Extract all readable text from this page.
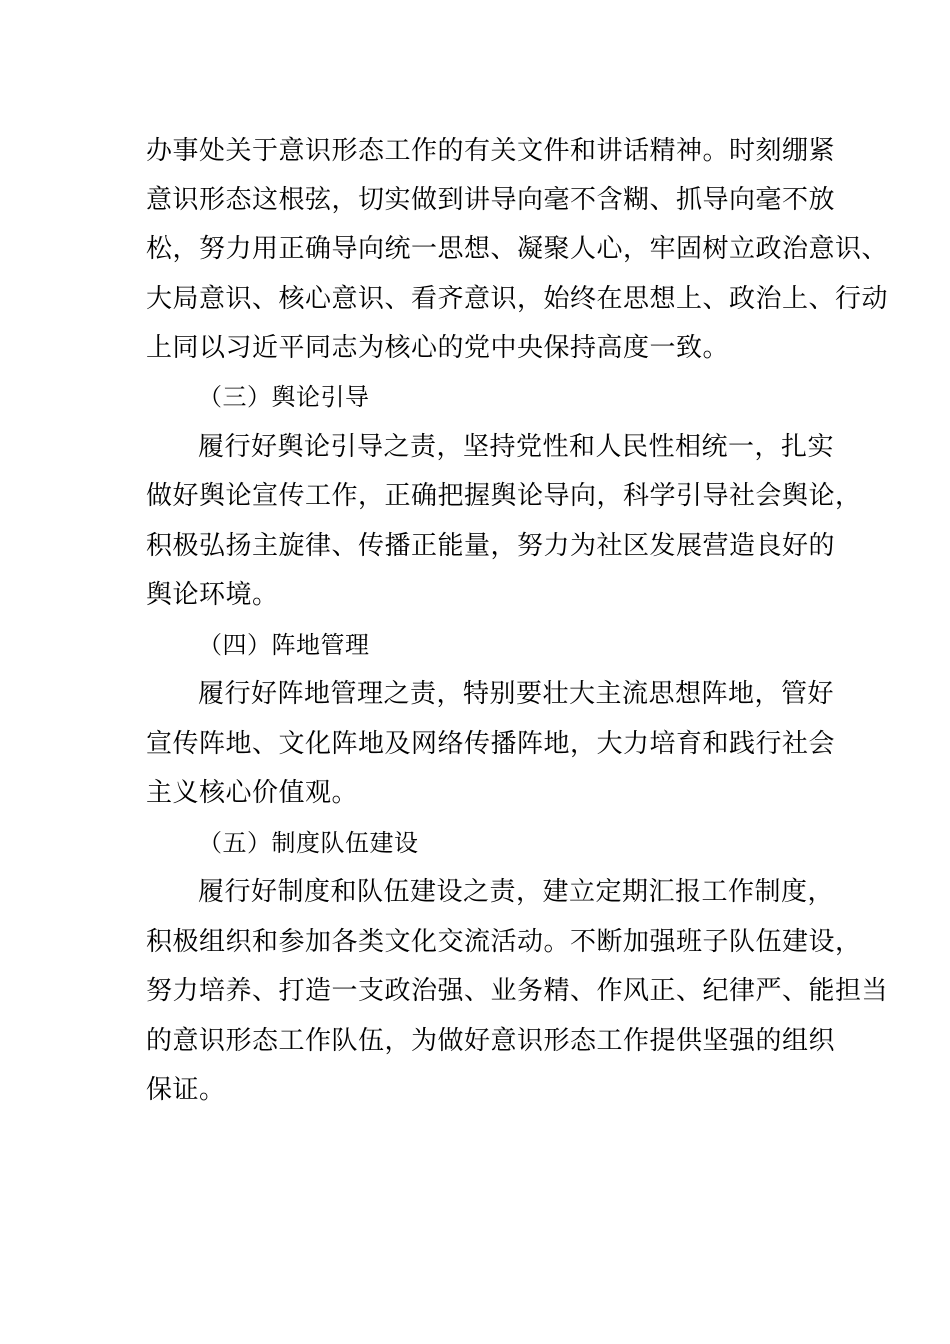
办事处关于意识形态工作的有关文件和讲话精神。时刻绷紧
意识形态这根弦，切实做到讲导向毫不含糊、抓导向毫不放
松，努力用正确导向统一思想、凝聚人心，牢固树立政治意识、
大局意识、核心意识、看齐意识，始终在思想上、政治上、行动
上同以习近平同志为核心的党中央保持高度一致。
（三）舆论引导
履行好舆论引导之责，坚持党性和人民性相统一，扎实
做好舆论宣传工作，正确把握舆论导向，科学引导社会舆论，
积极弘扬主旋律、传播正能量，努力为社区发展营造良好的
舆论环境。
（四）阵地管理
履行好阵地管理之责，特别要壮大主流思想阵地，管好
宣传阵地、文化阵地及网络传播阵地，大力培育和践行社会
主义核心价值观。
（五）制度队伍建设
履行好制度和队伍建设之责，建立定期汇报工作制度，
积极组织和参加各类文化交流活动。不断加强班子队伍建设，
努力培养、打造一支政治强、业务精、作风正、纪律严、能担当
的意识形态工作队伍，为做好意识形态工作提供坚强的组织
保证。
